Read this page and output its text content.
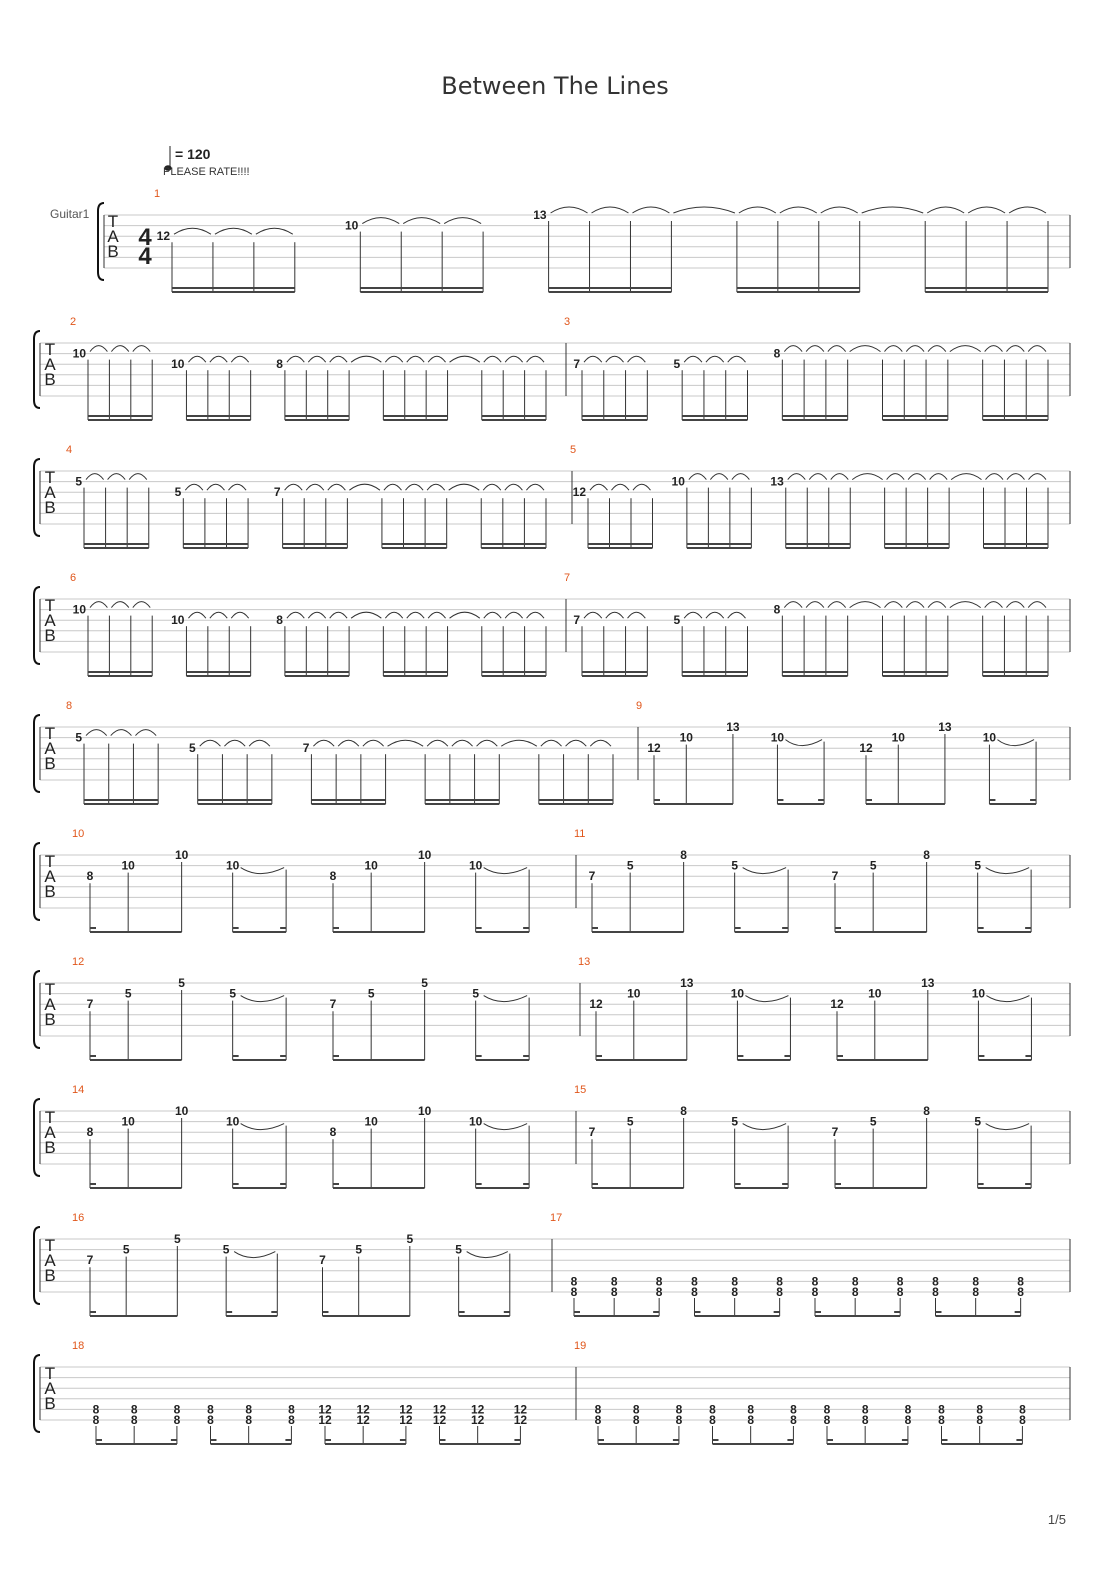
Between The Lines
= 120
PLEASE RATE!!!!
Guitar1 T
A
B
4
4
1
12
10
13
T
A
B
2
10
10	8
3
7	5
8
T
A
B
4
5
5	7
5
12
10	13
T
A
B
6
10
10	8
7
7	5
8
T
A
B
8
5
5	7
9
12
10
13
10
12
10
13
10
T
A
B
10
8
10
10
10
8
10
10
10
11
7
5
8
5
7
5
8
5
T
A
B
12
7
5
5
5
7
5
5
5
13
12
10
13
10
12
10
13
10
T
A
B
14
8
10
10
10
8
10
10
10
15
7
5
8
5
7
5
8
5
T
A
B
16
7
5
5
5
7
5
5
5
17
8
8
8
8
8
8
8
8
8
8
8
8
8
8
8
8
8
8
8
8
8
8
8
8
T
A
B
18
8
8
8
8
8
8
8
8
8
8
8
8
12
12
12
12
12
12
12
12
12
12
12
12
19
8
8
8
8
8
8
8
8
8
8
8
8
8
8
8
8
8
8
8
8
8
8
8
8
1/5
